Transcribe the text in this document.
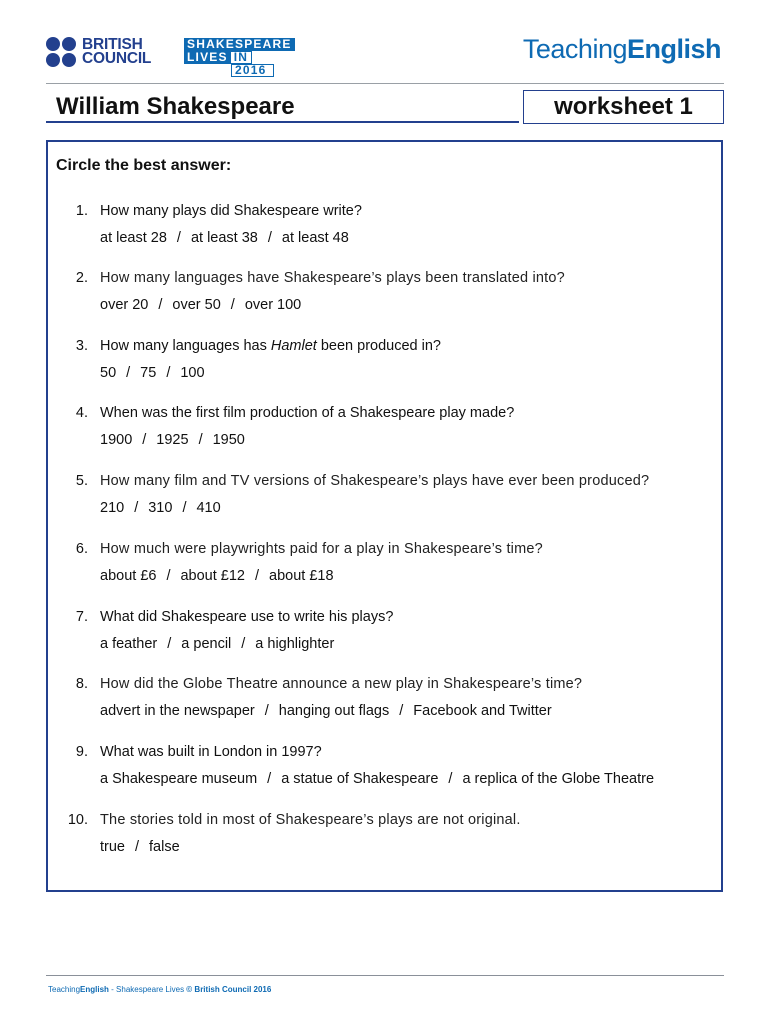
BRITISH
COUNCIL
SHAKESPEARE
LIVES IN
2016
TeachingEnglish
William Shakespeare	worksheet 1
Circle the best answer:
1. How many plays did Shakespeare write?
at least 28 / at least 38 / at least 48
2. How many languages have Shakespeare’s plays been translated into?
over 20 / over 50 / over 100
3. How many languages has Hamlet been produced in?
50 / 75 / 100
4. When was the first film production of a Shakespeare play made?
1900 / 1925 / 1950
5. How many film and TV versions of Shakespeare’s plays have ever been produced?
210 / 310 / 410
6. How much were playwrights paid for a play in Shakespeare’s time?
about £6 / about £12 / about £18
7. What did Shakespeare use to write his plays?
a feather / a pencil / a highlighter
8. How did the Globe Theatre announce a new play in Shakespeare’s time?
advert in the newspaper / hanging out flags / Facebook and Twitter
9. What was built in London in 1997?
a Shakespeare museum / a statue of Shakespeare / a replica of the Globe Theatre
10. The stories told in most of Shakespeare’s plays are not original.
true / false
TeachingEnglish - Shakespeare Lives © British Council 2016
